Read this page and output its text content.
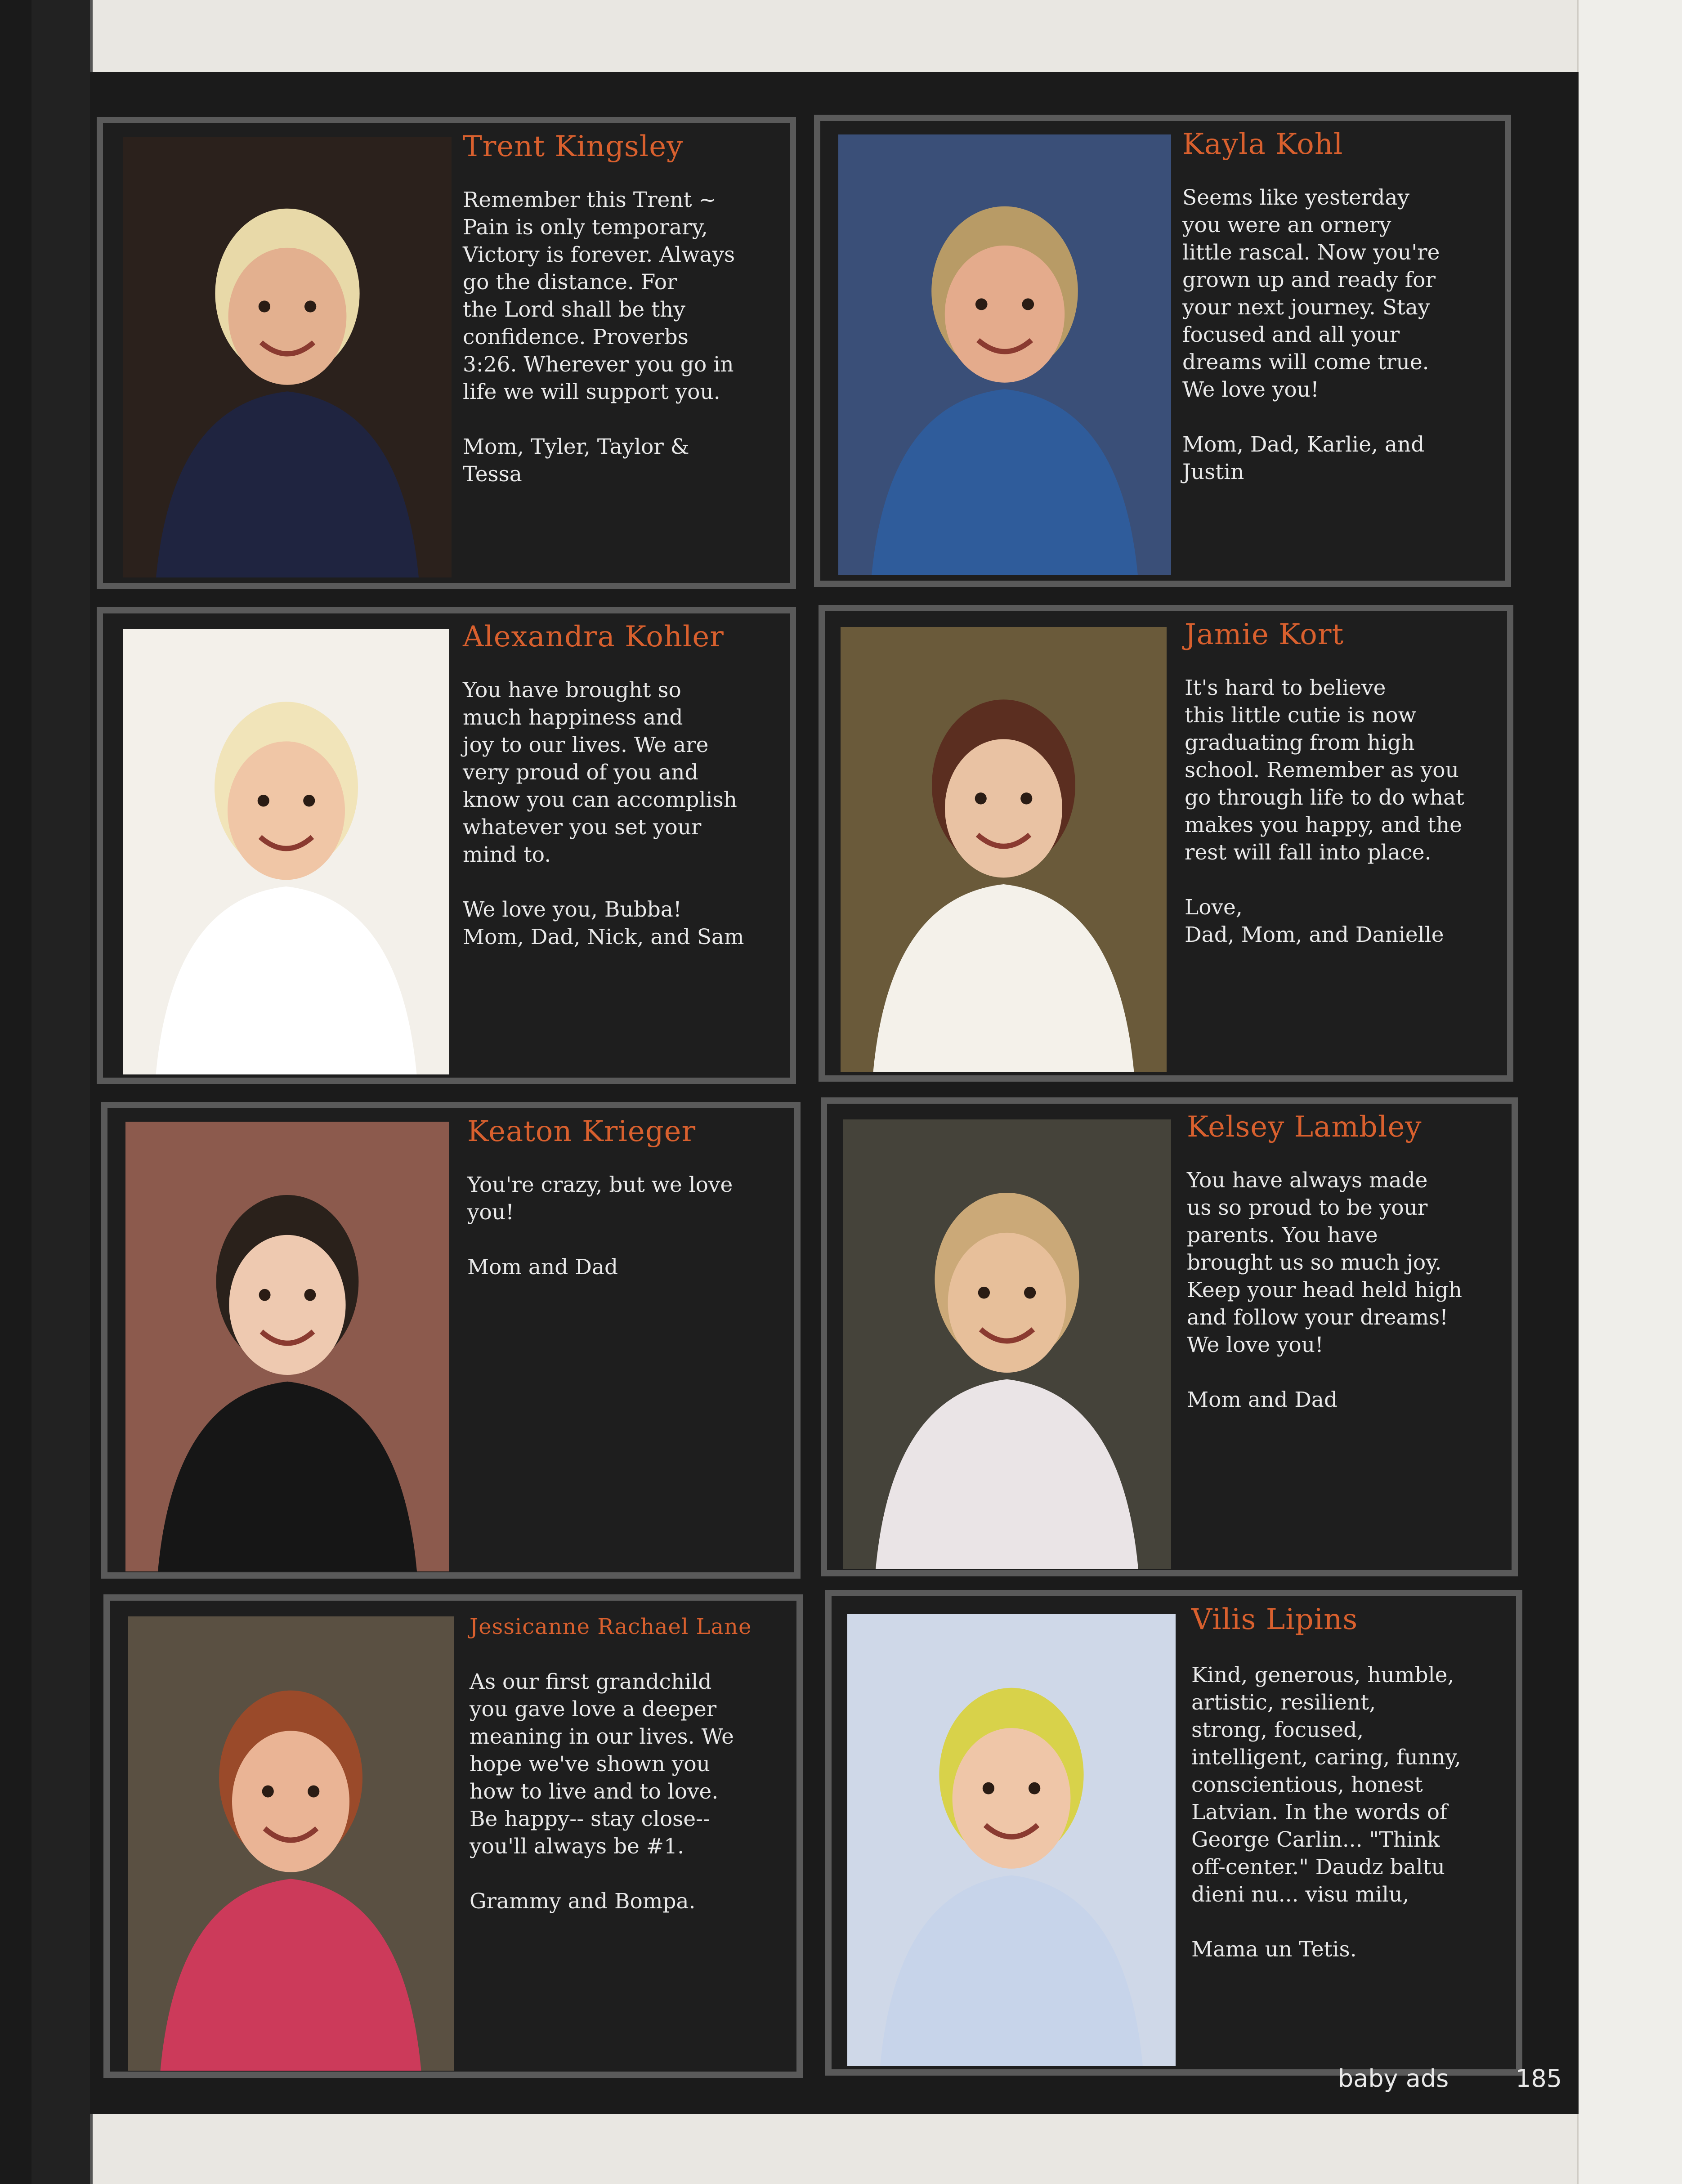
Trent Kingsley

Remember this Trent ~
Pain is only temporary,
Victory is forever. Always
go the distance. For
the Lord shall be thy
confidence. Proverbs
3:26. Wherever you go in
life we will support you.

Mom, Tyler, Taylor &
Tessa

Kayla Kohl

Seems like yesterday
you were an ornery
little rascal. Now you're
grown up and ready for
your next journey. Stay
focused and all your
dreams will come true.
We love you!

Mom, Dad, Karlie, and
Justin

Alexandra Kohler

You have brought so
much happiness and
joy to our lives. We are
very proud of you and
know you can accomplish
whatever you set your
mind to.

We love you, Bubba!
Mom, Dad, Nick, and Sam

Jamie Kort

It's hard to believe
this little cutie is now
graduating from high
school. Remember as you
go through life to do what
makes you happy, and the
rest will fall into place.

Love,
Dad, Mom, and Danielle

Keaton Krieger

You're crazy, but we love
you!

Mom and Dad

Kelsey Lambley

You have always made
us so proud to be your
parents. You have
brought us so much joy.
Keep your head held high
and follow your dreams!
We love you!

Mom and Dad

Jessicanne Rachael Lane

As our first grandchild
you gave love a deeper
meaning in our lives. We
hope we've shown you
how to live and to love.
Be happy-- stay close--
you'll always be #1.

Grammy and Bompa.

Vilis Lipins

Kind, generous, humble,
artistic, resilient,
strong, focused,
intelligent, caring, funny,
conscientious, honest
Latvian. In the words of
George Carlin... "Think
off-center." Daudz baltu
dieni nu... visu milu,

Mama un Tetis.

baby ads	185
